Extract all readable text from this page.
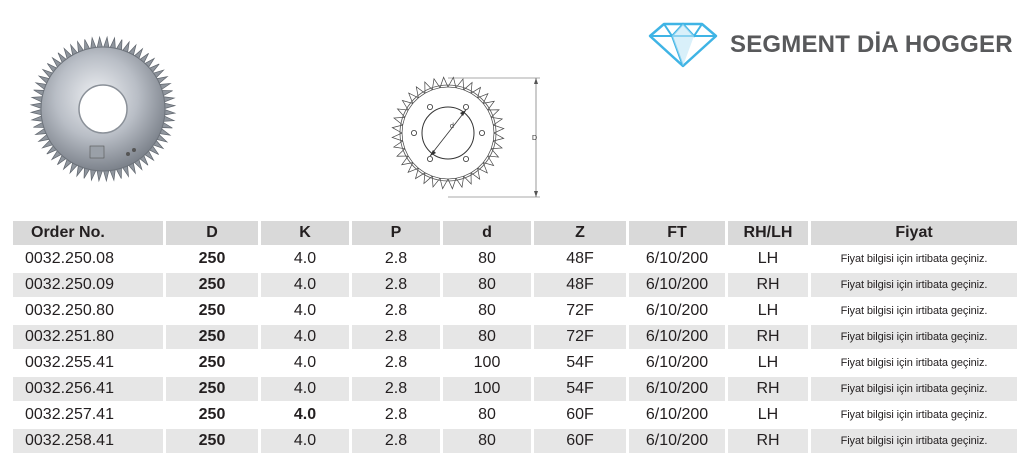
SEGMENT DİA HOGGER
d
D
Order No.	D	K	P	d	Z	FT	RH/LH	Fiyat
0032.250.08	250	4.0	2.8	80	48F	6/10/200	LH	Fiyat bilgisi için irtibata geçiniz.
0032.250.09	250	4.0	2.8	80	48F	6/10/200	RH	Fiyat bilgisi için irtibata geçiniz.
0032.250.80	250	4.0	2.8	80	72F	6/10/200	LH	Fiyat bilgisi için irtibata geçiniz.
0032.251.80	250	4.0	2.8	80	72F	6/10/200	RH	Fiyat bilgisi için irtibata geçiniz.
0032.255.41	250	4.0	2.8	100	54F	6/10/200	LH	Fiyat bilgisi için irtibata geçiniz.
0032.256.41	250	4.0	2.8	100	54F	6/10/200	RH	Fiyat bilgisi için irtibata geçiniz.
0032.257.41	250	4.0	2.8	80	60F	6/10/200	LH	Fiyat bilgisi için irtibata geçiniz.
0032.258.41	250	4.0	2.8	80	60F	6/10/200	RH	Fiyat bilgisi için irtibata geçiniz.
